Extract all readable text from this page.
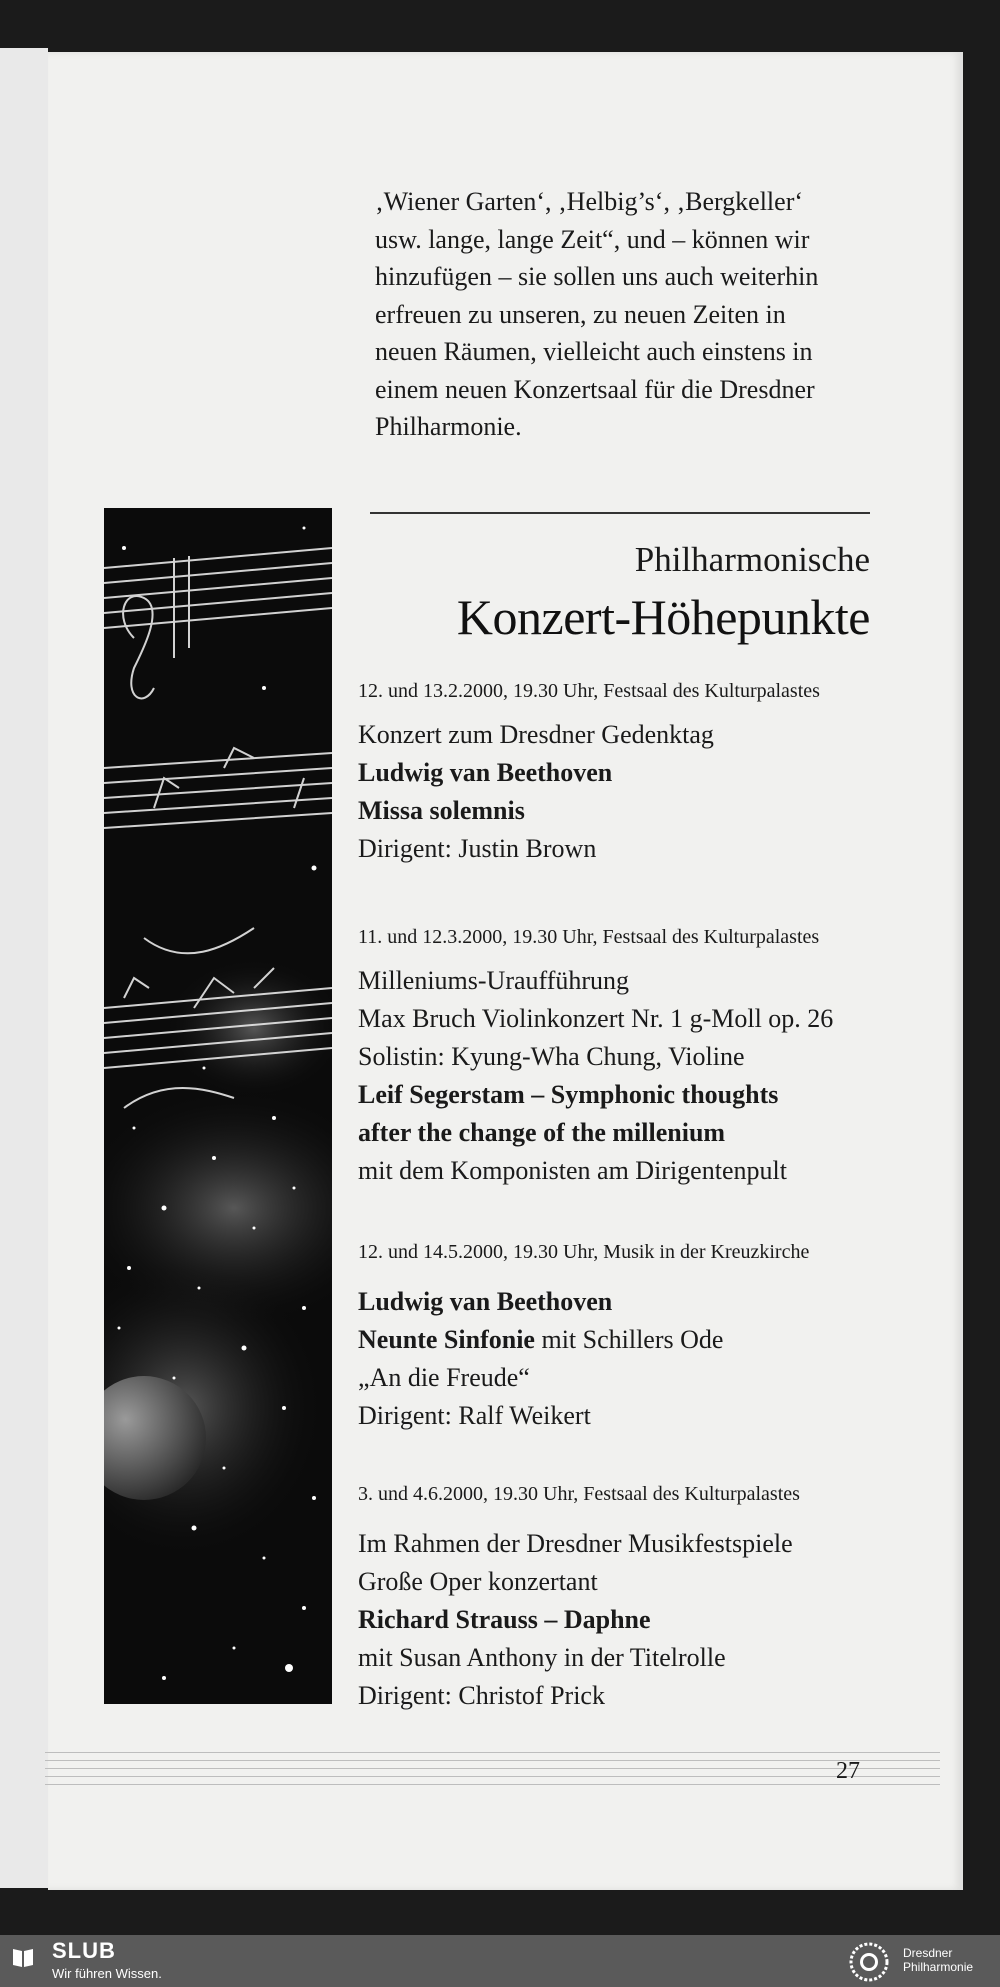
‚Wiener Garten‘, ‚Helbig’s‘, ‚Bergkeller‘
usw. lange, lange Zeit“, und – können wir
hinzufügen – sie sollen uns auch weiterhin
erfreuen zu unseren, zu neuen Zeiten in
neuen Räumen, vielleicht auch einstens in
einem neuen Konzertsaal für die Dresdner
Philharmonie.
Philharmonische
Konzert-Höhepunkte
12. und 13.2.2000, 19.30 Uhr, Festsaal des Kulturpalastes
Konzert zum Dresdner Gedenktag
Ludwig van Beethoven
Missa solemnis
Dirigent: Justin Brown
11. und 12.3.2000, 19.30 Uhr, Festsaal des Kulturpalastes
Milleniums-Uraufführung
Max Bruch Violinkonzert Nr. 1 g-Moll op. 26
Solistin: Kyung-Wha Chung, Violine
Leif Segerstam – Symphonic thoughts
after the change of the millenium
mit dem Komponisten am Dirigentenpult
12. und 14.5.2000, 19.30 Uhr, Musik in der Kreuzkirche
Ludwig van Beethoven
Neunte Sinfonie mit Schillers Ode
„An die Freude“
Dirigent: Ralf Weikert
3. und 4.6.2000, 19.30 Uhr, Festsaal des Kulturpalastes
Im Rahmen der Dresdner Musikfestspiele
Große Oper konzertant
Richard Strauss – Daphne
mit Susan Anthony in der Titelrolle
Dirigent: Christof Prick
27
SLUB
Wir führen Wissen.
Dresdner
Philharmonie
